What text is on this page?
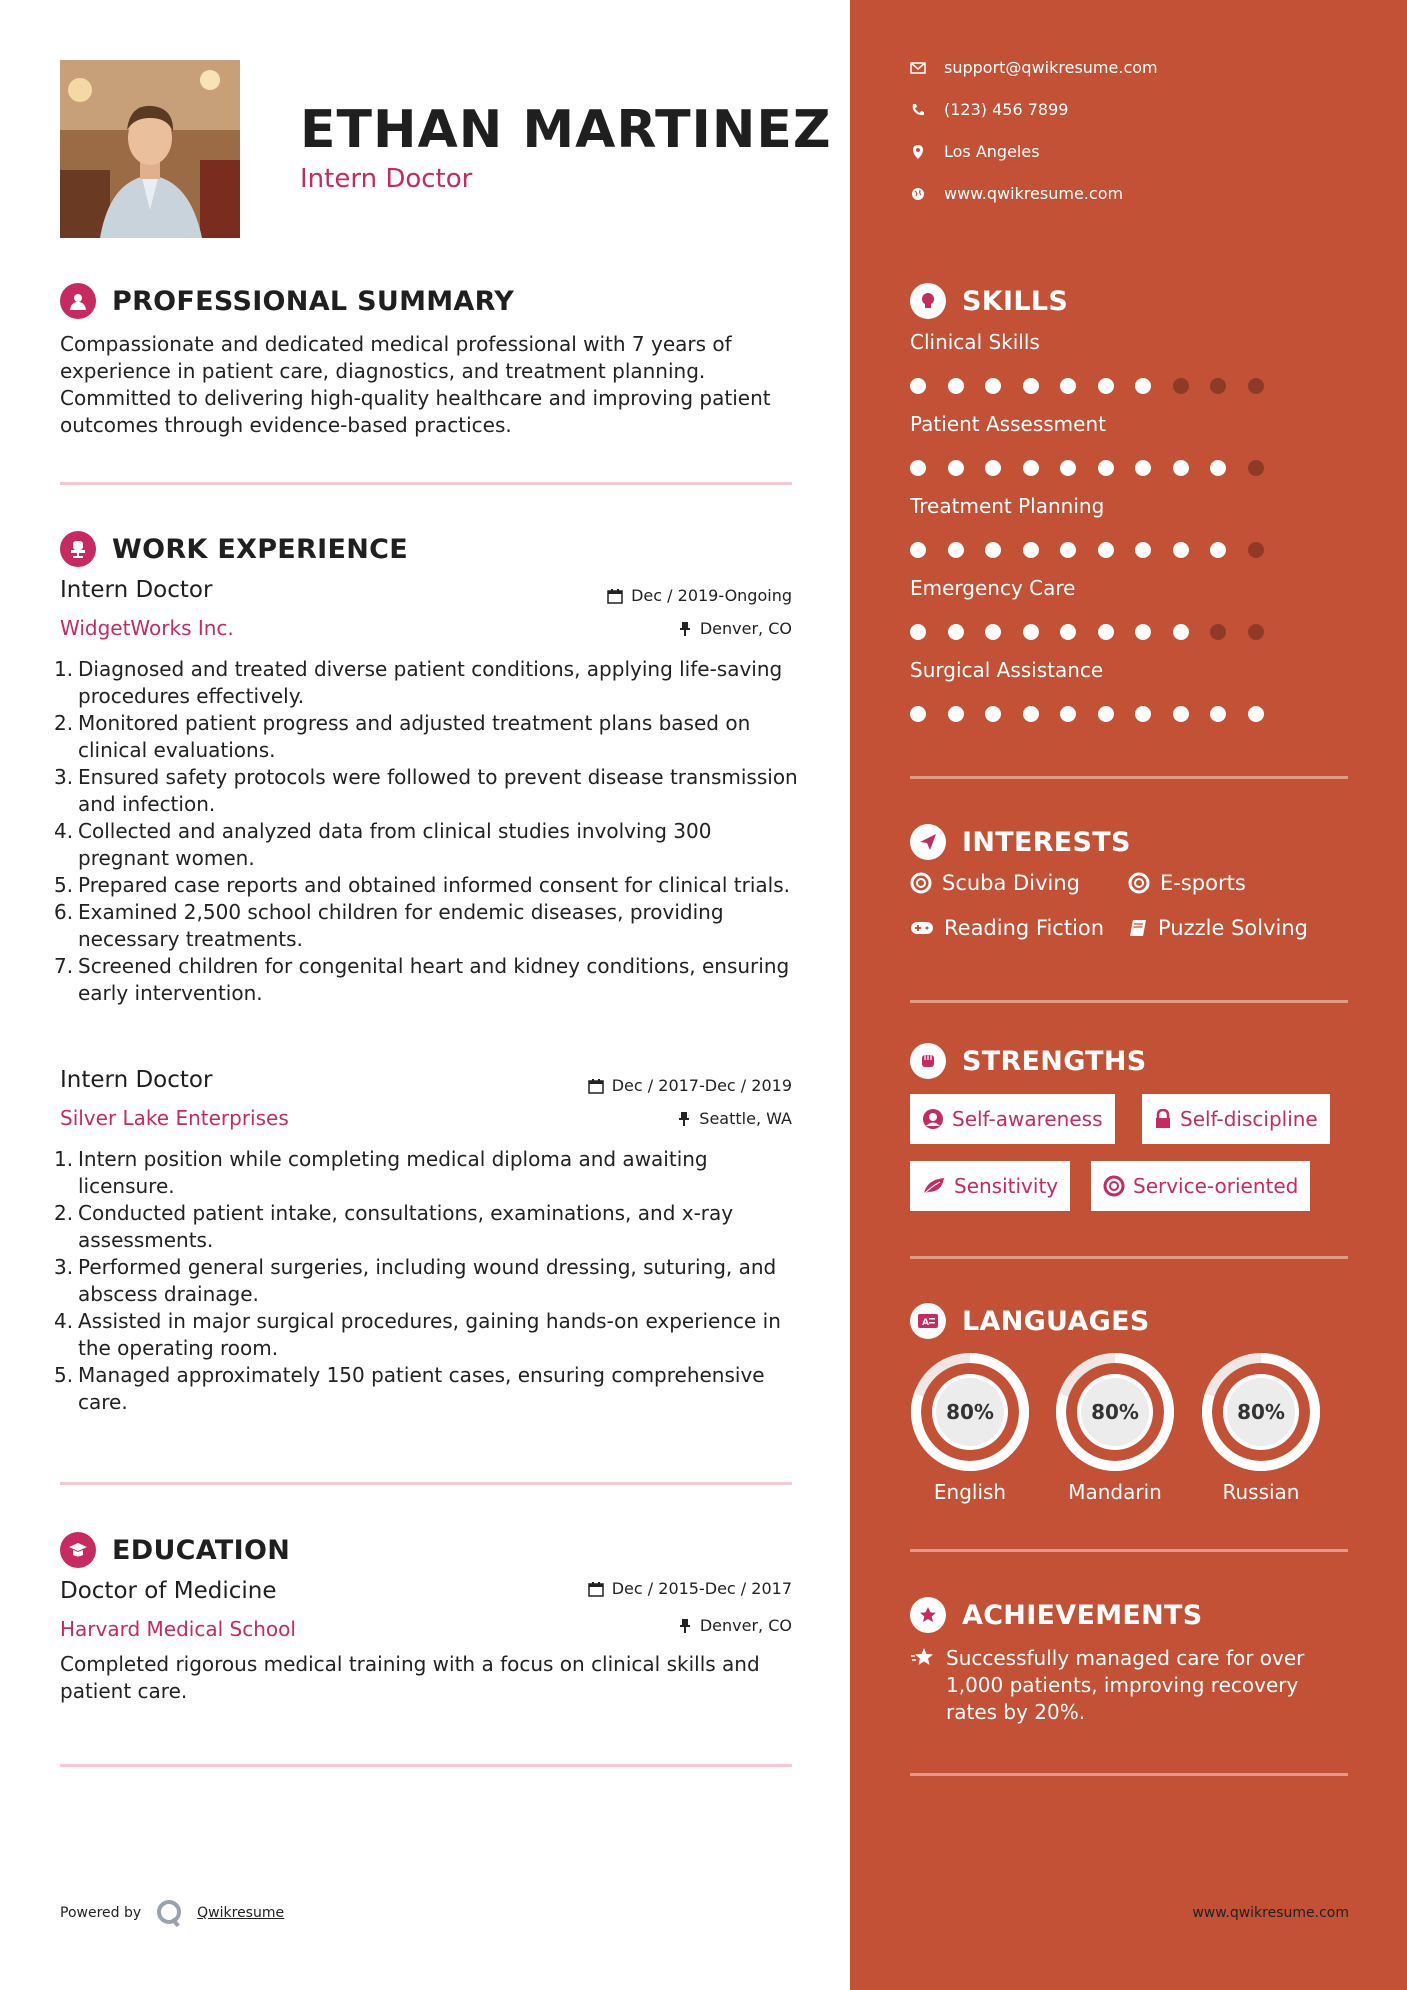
ETHAN MARTINEZ
Intern Doctor
PROFESSIONAL SUMMARY
Compassionate and dedicated medical professional with 7 years of experience in patient care, diagnostics, and treatment planning. Committed to delivering high-quality healthcare and improving patient outcomes through evidence-based practices.
WORK EXPERIENCE
Intern Doctor	Dec / 2019-Ongoing
WidgetWorks Inc.	Denver, CO
1. Diagnosed and treated diverse patient conditions, applying life-saving procedures effectively.
2. Monitored patient progress and adjusted treatment plans based on clinical evaluations.
3. Ensured safety protocols were followed to prevent disease transmission and infection.
4. Collected and analyzed data from clinical studies involving 300 pregnant women.
5. Prepared case reports and obtained informed consent for clinical trials.
6. Examined 2,500 school children for endemic diseases, providing necessary treatments.
7. Screened children for congenital heart and kidney conditions, ensuring early intervention.
Intern Doctor	Dec / 2017-Dec / 2019
Silver Lake Enterprises	Seattle, WA
1. Intern position while completing medical diploma and awaiting licensure.
2. Conducted patient intake, consultations, examinations, and x-ray assessments.
3. Performed general surgeries, including wound dressing, suturing, and abscess drainage.
4. Assisted in major surgical procedures, gaining hands-on experience in the operating room.
5. Managed approximately 150 patient cases, ensuring comprehensive care.
EDUCATION
Doctor of Medicine	Dec / 2015-Dec / 2017
Harvard Medical School	Denver, CO
Completed rigorous medical training with a focus on clinical skills and patient care.
Powered by	Qwikresume
support@qwikresume.com
(123) 456 7899
Los Angeles
www.qwikresume.com
SKILLS
Clinical Skills
Patient Assessment
Treatment Planning
Emergency Care
Surgical Assistance
INTERESTS
Scuba Diving	E-sports
Reading Fiction	Puzzle Solving
STRENGTHS
Self-awareness	Self-discipline
Sensitivity	Service-oriented
A LANGUAGES
80%
English
80%
Mandarin
80%
Russian
ACHIEVEMENTS
Successfully managed care for over 1,000 patients, improving recovery rates by 20%.
www.qwikresume.com
